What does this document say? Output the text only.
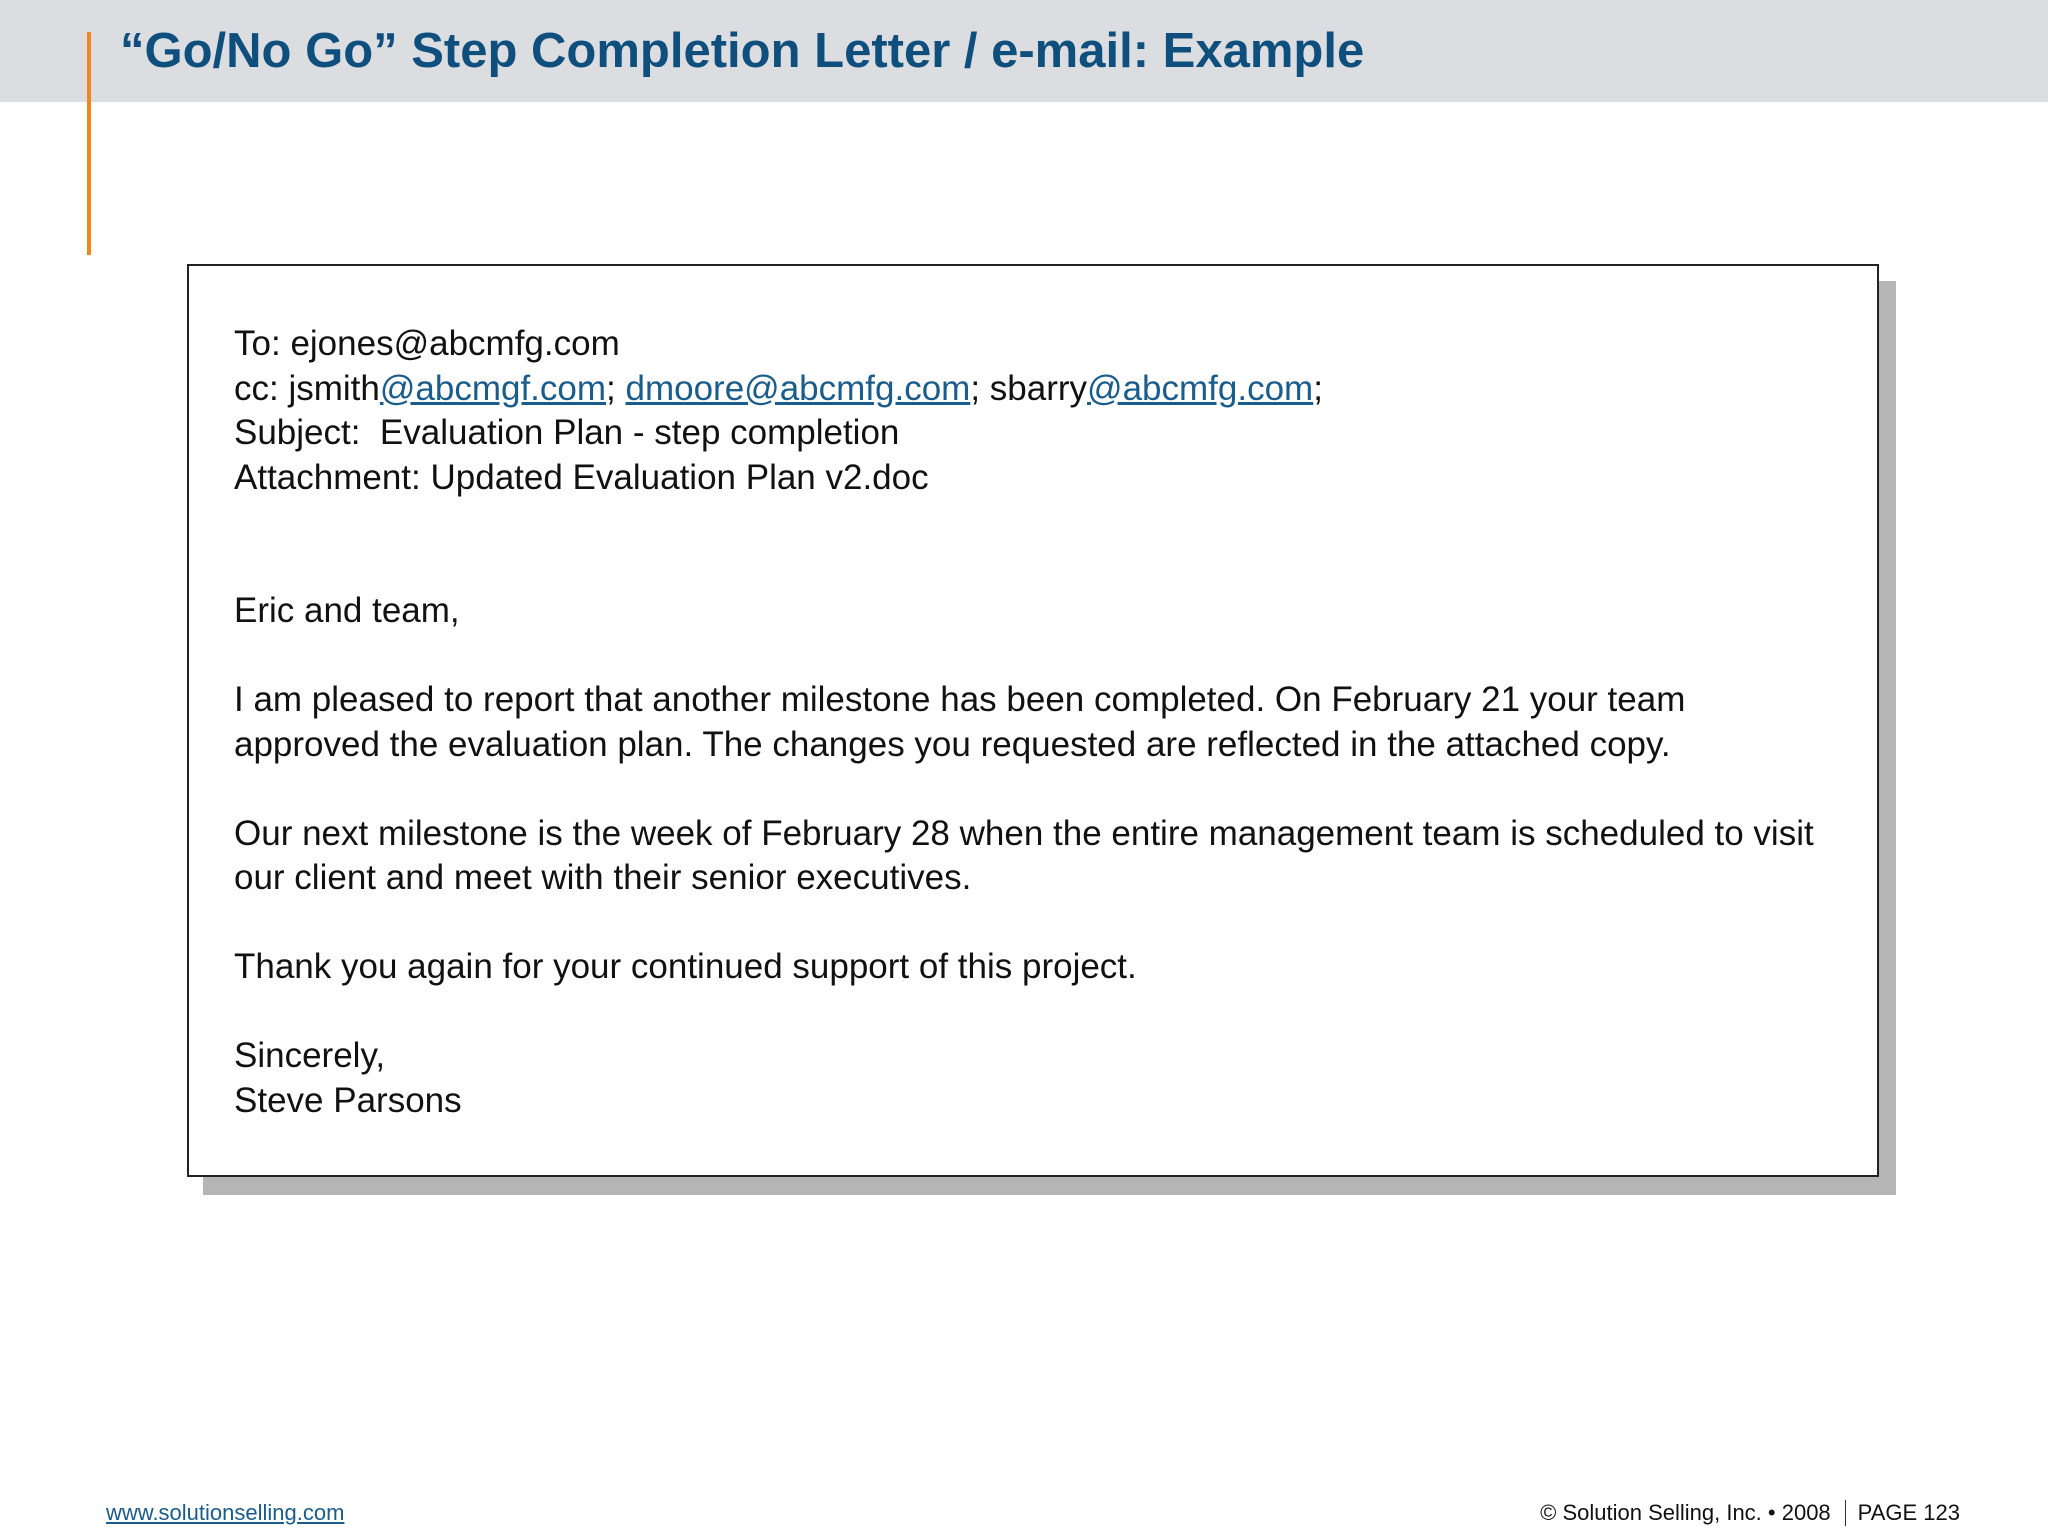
“Go/No Go” Step Completion Letter / e-mail: Example
To: ejones@abcmfg.com
cc: jsmith@abcmgf.com; dmoore@abcmfg.com; sbarry@abcmfg.com;
Subject: Evaluation Plan - step completion
Attachment: Updated Evaluation Plan v2.doc
Eric and team,
I am pleased to report that another milestone has been completed. On February 21 your team approved the evaluation plan. The changes you requested are reflected in the attached copy.
Our next milestone is the week of February 28 when the entire management team is scheduled to visit our client and meet with their senior executives.
Thank you again for your continued support of this project.
Sincerely,
Steve Parsons
www.solutionselling.com	© Solution Selling, Inc. • 2008 PAGE 123
